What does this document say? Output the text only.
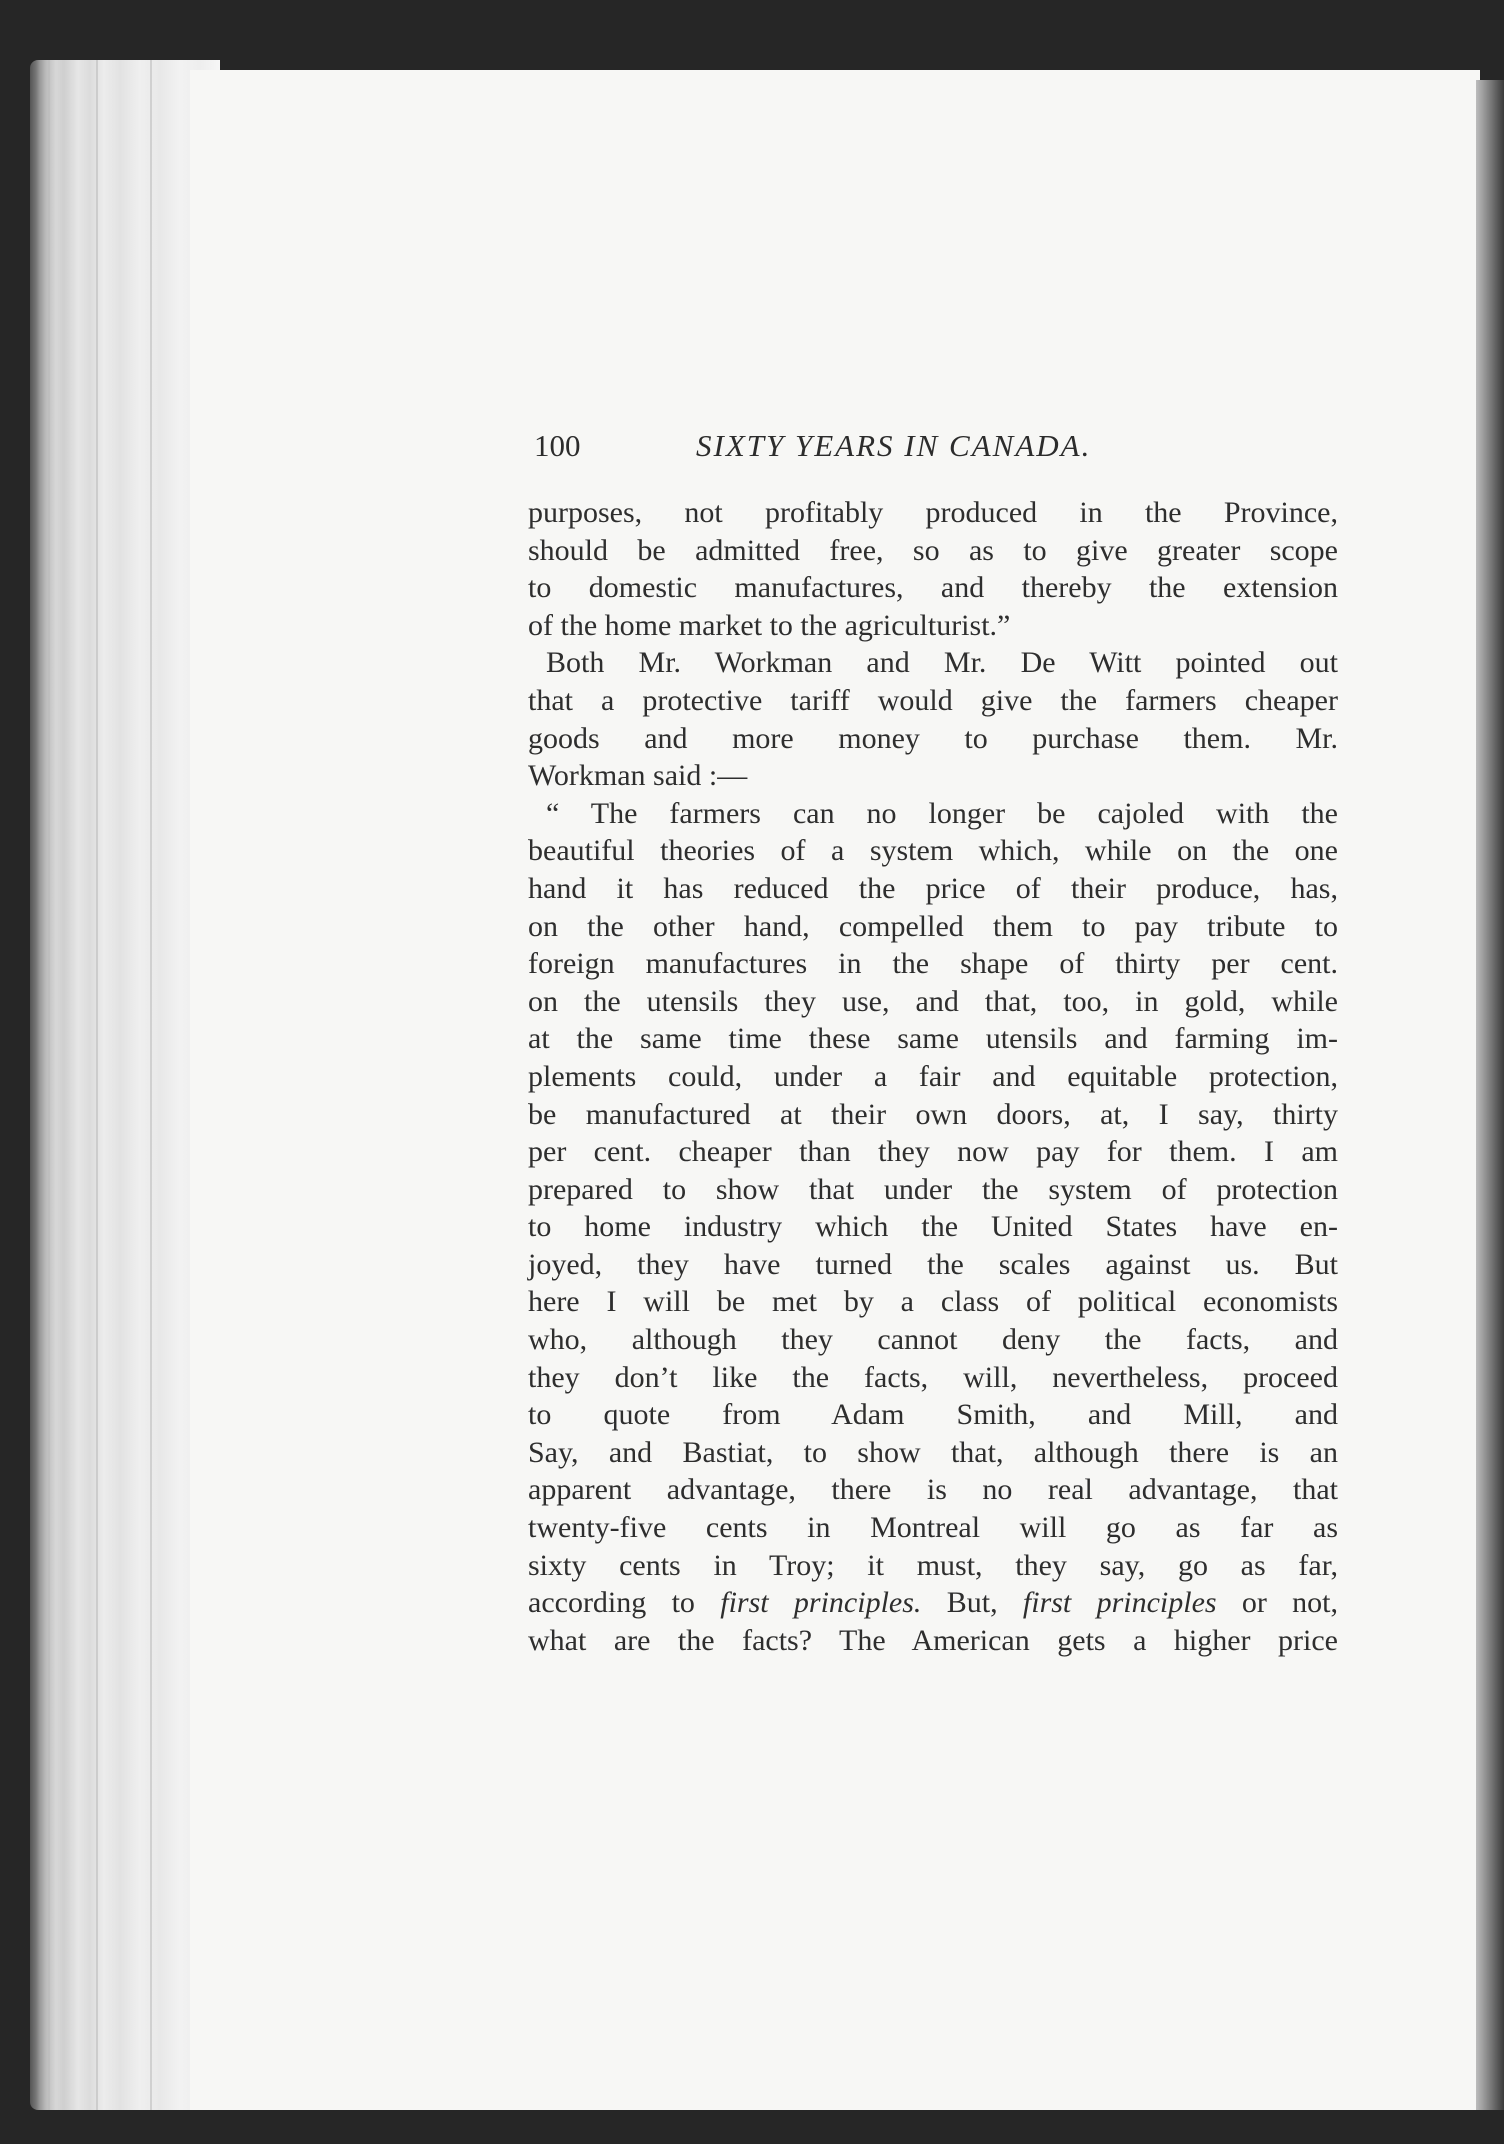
100	SIXTY YEARS IN CANADA.
purposes, not profitably produced in the Province,
should be admitted free, so as to give greater scope
to domestic manufactures, and thereby the extension
of the home market to the agriculturist.”
Both Mr. Workman and Mr. De Witt pointed out
that a protective tariff would give the farmers cheaper
goods and more money to purchase them. Mr.
Workman said :—
“ The farmers can no longer be cajoled with the
beautiful theories of a system which, while on the one
hand it has reduced the price of their produce, has,
on the other hand, compelled them to pay tribute to
foreign manufactures in the shape of thirty per cent.
on the utensils they use, and that, too, in gold, while
at the same time these same utensils and farming im-
plements could, under a fair and equitable protection,
be manufactured at their own doors, at, I say, thirty
per cent. cheaper than they now pay for them. I am
prepared to show that under the system of protection
to home industry which the United States have en-
joyed, they have turned the scales against us. But
here I will be met by a class of political economists
who, although they cannot deny the facts, and
they don’t like the facts, will, nevertheless, proceed
to quote from Adam Smith, and Mill, and
Say, and Bastiat, to show that, although there is an
apparent advantage, there is no real advantage, that
twenty-five cents in Montreal will go as far as
sixty cents in Troy; it must, they say, go as far,
according to first principles. But, first principles or not,
what are the facts? The American gets a higher price
